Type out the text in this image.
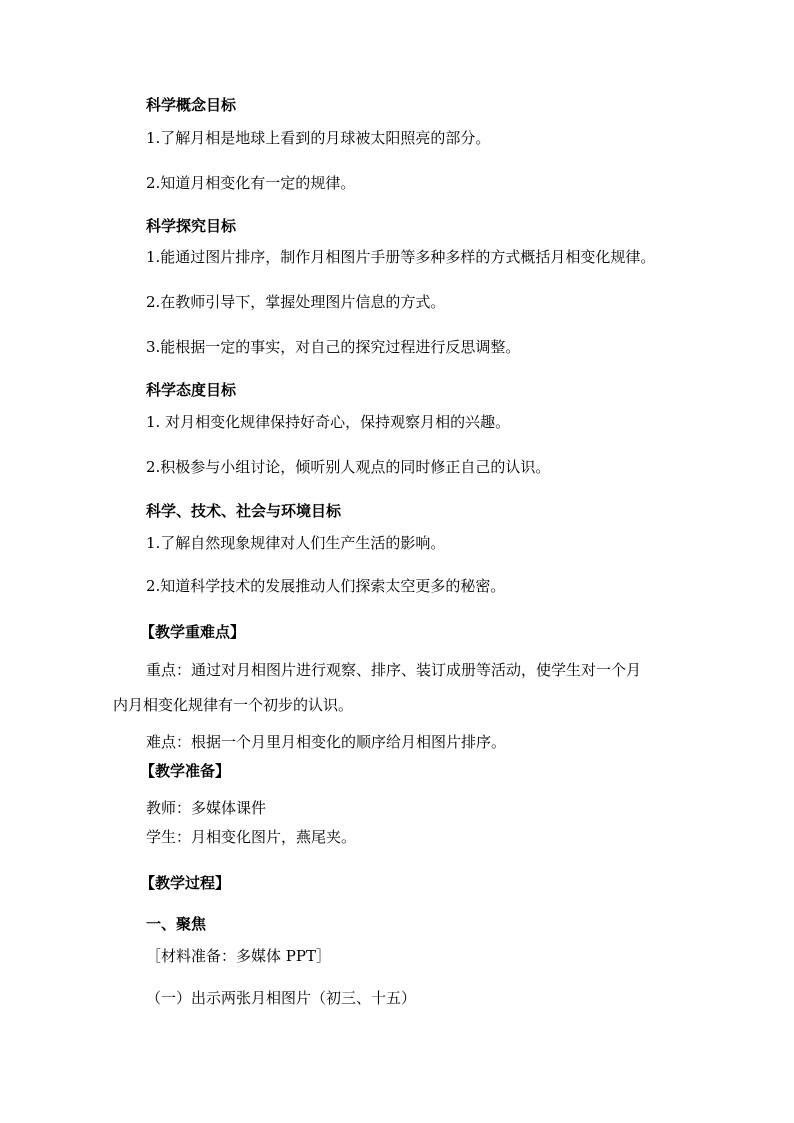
科学概念目标
1.了解月相是地球上看到的月球被太阳照亮的部分。
2.知道月相变化有一定的规律。
科学探究目标
1.能通过图片排序，制作月相图片手册等多种多样的方式概括月相变化规律。
2.在教师引导下，掌握处理图片信息的方式。
3.能根据一定的事实，对自己的探究过程进行反思调整。
科学态度目标
1. 对月相变化规律保持好奇心，保持观察月相的兴趣。
2.积极参与小组讨论，倾听别人观点的同时修正自己的认识。
科学、技术、社会与环境目标
1.了解自然现象规律对人们生产生活的影响。
2.知道科学技术的发展推动人们探索太空更多的秘密。
【教学重难点】
重点：通过对月相图片进行观察、排序、装订成册等活动，使学生对一个月
内月相变化规律有一个初步的认识。
难点：根据一个月里月相变化的顺序给月相图片排序。
【教学准备】
教师：多媒体课件
学生：月相变化图片，燕尾夹。
【教学过程】
一、聚焦
［材料准备：多媒体 PPT］
（一）出示两张月相图片（初三、十五）
